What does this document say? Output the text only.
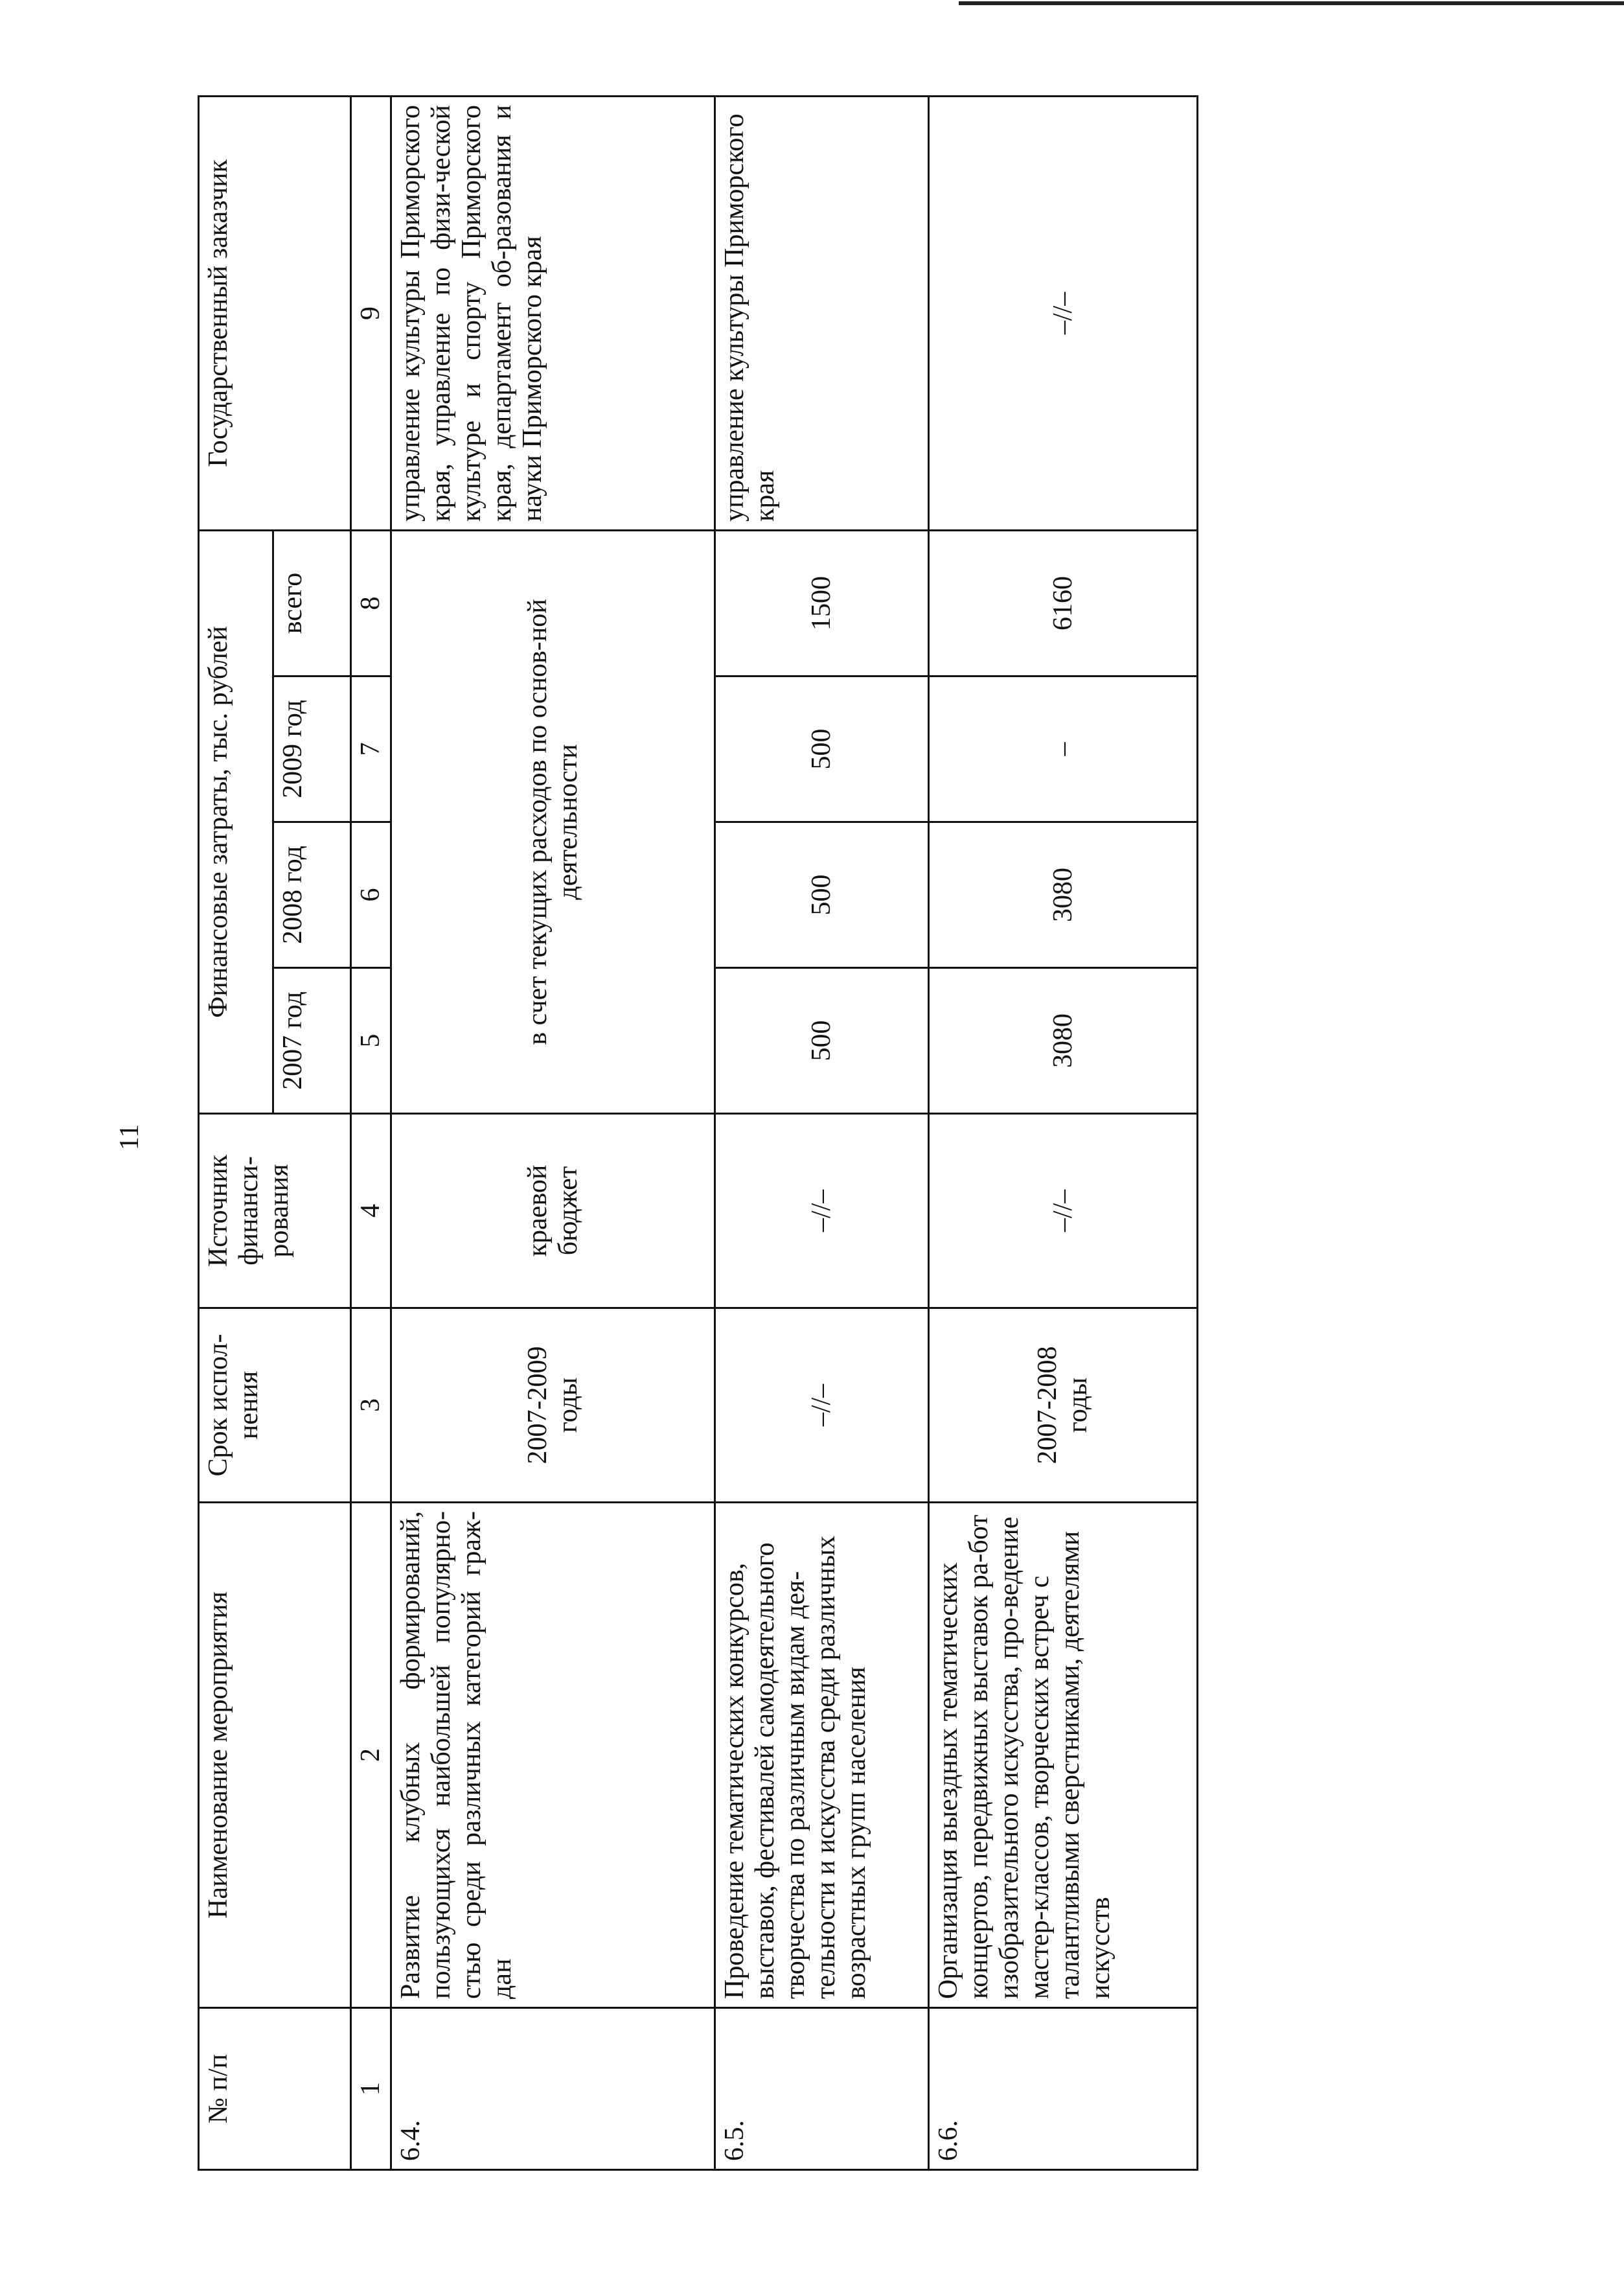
11
№ п/п	Наименование мероприятия	Срок испол-нения	Источник финанси-рования	Финансовые затраты, тыс. рублей				Государственный заказчик
				2007 год	2008 год	2009 год	всего	
1	2	3	4	5	6	7	8	9
6.4.	Развитие клубных формирований, пользующихся наибольшей популярно-стью среди различных категорий граж-дан	2007-2009 годы	краевой бюджет	в счет текущих расходов по основ-ной деятельности				управление культуры Приморского края, управление по физи-ческой культуре и спорту Приморского края, департамент об-разования и науки Приморского края
6.5.	Проведение тематических конкурсов, выставок, фестивалей самодеятельного творчества по различным видам дея-тельности и искусства среди различных возрастных групп населения	–//–	–//–	500	500	500	1500	управление культуры Приморского края
6.6.	Организация выездных тематических концертов, передвижных выставок ра-бот изобразительного искусства, про-ведение мастер-классов, творческих встреч с талантливыми сверстниками, деятелями искусств	2007-2008 годы	–//–	3080	3080	–	6160	–//–
